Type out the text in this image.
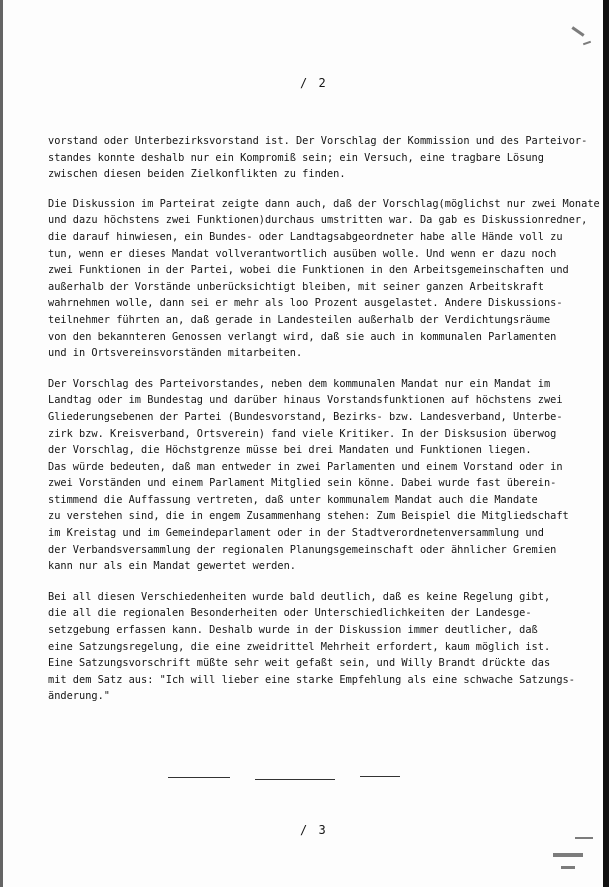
/ 2

vorstand oder Unterbezirksvorstand ist. Der Vorschlag der Kommission und des Parteivor-
standes konnte deshalb nur ein Kompromiß sein; ein Versuch, eine tragbare Lösung
zwischen diesen beiden Zielkonflikten zu finden.

Die Diskussion im Parteirat zeigte dann auch, daß der Vorschlag(möglichst nur zwei Monate
und dazu höchstens zwei Funktionen)durchaus umstritten war. Da gab es Diskussionredner,
die darauf hinwiesen, ein Bundes- oder Landtagsabgeordneter habe alle Hände voll zu
tun, wenn er dieses Mandat vollverantwortlich ausüben wolle. Und wenn er dazu noch
zwei Funktionen in der Partei, wobei die Funktionen in den Arbeitsgemeinschaften und
außerhalb der Vorstände unberücksichtigt bleiben, mit seiner ganzen Arbeitskraft
wahrnehmen wolle, dann sei er mehr als loo Prozent ausgelastet. Andere Diskussions-
teilnehmer führten an, daß gerade in Landesteilen außerhalb der Verdichtungsräume
von den bekannteren Genossen verlangt wird, daß sie auch in kommunalen Parlamenten
und in Ortsvereinsvorständen mitarbeiten.

Der Vorschlag des Parteivorstandes, neben dem kommunalen Mandat nur ein Mandat im
Landtag oder im Bundestag und darüber hinaus Vorstandsfunktionen auf höchstens zwei
Gliederungsebenen der Partei (Bundesvorstand, Bezirks- bzw. Landesverband, Unterbe-
zirk bzw. Kreisverband, Ortsverein) fand viele Kritiker. In der Disksusion überwog
der Vorschlag, die Höchstgrenze müsse bei drei Mandaten und Funktionen liegen.
Das würde bedeuten, daß man entweder in zwei Parlamenten und einem Vorstand oder in
zwei Vorständen und einem Parlament Mitglied sein könne. Dabei wurde fast überein-
stimmend die Auffassung vertreten, daß unter kommunalem Mandat auch die Mandate
zu verstehen sind, die in engem Zusammenhang stehen: Zum Beispiel die Mitgliedschaft
im Kreistag und im Gemeindeparlament oder in der Stadtverordnetenversammlung und
der Verbandsversammlung der regionalen Planungsgemeinschaft oder ähnlicher Gremien
kann nur als ein Mandat gewertet werden.

Bei all diesen Verschiedenheiten wurde bald deutlich, daß es keine Regelung gibt,
die all die regionalen Besonderheiten oder Unterschiedlichkeiten der Landesge-
setzgebung erfassen kann. Deshalb wurde in der Diskussion immer deutlicher, daß
eine Satzungsregelung, die eine zweidrittel Mehrheit erfordert, kaum möglich ist.
Eine Satzungsvorschrift müßte sehr weit gefaßt sein, und Willy Brandt drückte das
mit dem Satz aus: "Ich will lieber eine starke Empfehlung als eine schwache Satzungs-
änderung."

/ 3
